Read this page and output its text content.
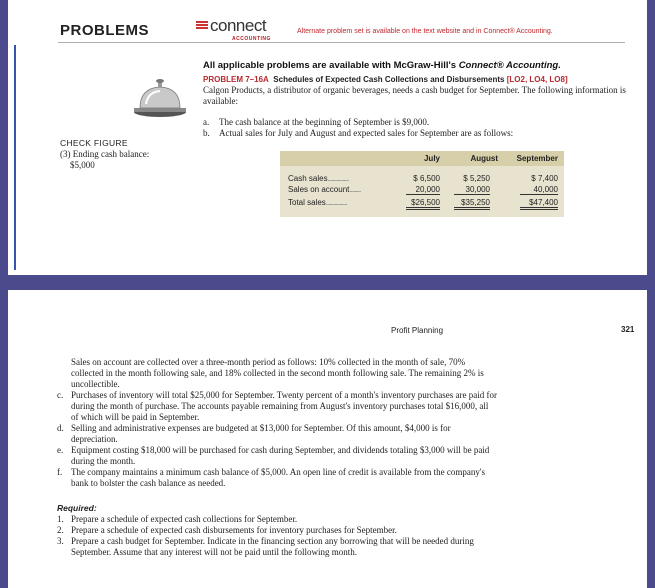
PROBLEMS	connect
ACCOUNTING
Alternate problem set is available on the text website and in Connect® Accounting.
All applicable problems are available with McGraw-Hill's Connect® Accounting.
PROBLEM 7–16A Schedules of Expected Cash Collections and Disbursements [LO2, LO4, LO8]
Calgon Products, a distributor of organic beverages, needs a cash budget for September. The following information is available:
a. The cash balance at the beginning of September is $9,000.
b. Actual sales for July and August and expected sales for September are as follows:
CHECK FIGURE
(3) Ending cash balance:
$5,000
July	August	September
Cash sales.................	$ 6,500	$ 5,250	$ 7,400
Sales on account.........	20,000	30,000	40,000
Total sales.................	$26,500	$35,250	$47,400
Profit Planning	321
Sales on account are collected over a three-month period as follows: 10% collected in the month of sale, 70% collected in the month following sale, and 18% collected in the second month following sale. The remaining 2% is uncollectible.
c. Purchases of inventory will total $25,000 for September. Twenty percent of a month's inventory purchases are paid for during the month of purchase. The accounts payable remaining from August's inventory purchases total $16,000, all of which will be paid in September.
d. Selling and administrative expenses are budgeted at $13,000 for September. Of this amount, $4,000 is for depreciation.
e. Equipment costing $18,000 will be purchased for cash during September, and dividends totaling $3,000 will be paid during the month.
f. The company maintains a minimum cash balance of $5,000. An open line of credit is available from the company's bank to bolster the cash balance as needed.
Required:
1. Prepare a schedule of expected cash collections for September.
2. Prepare a schedule of expected cash disbursements for inventory purchases for September.
3. Prepare a cash budget for September. Indicate in the financing section any borrowing that will be needed during September. Assume that any interest will not be paid until the following month.
